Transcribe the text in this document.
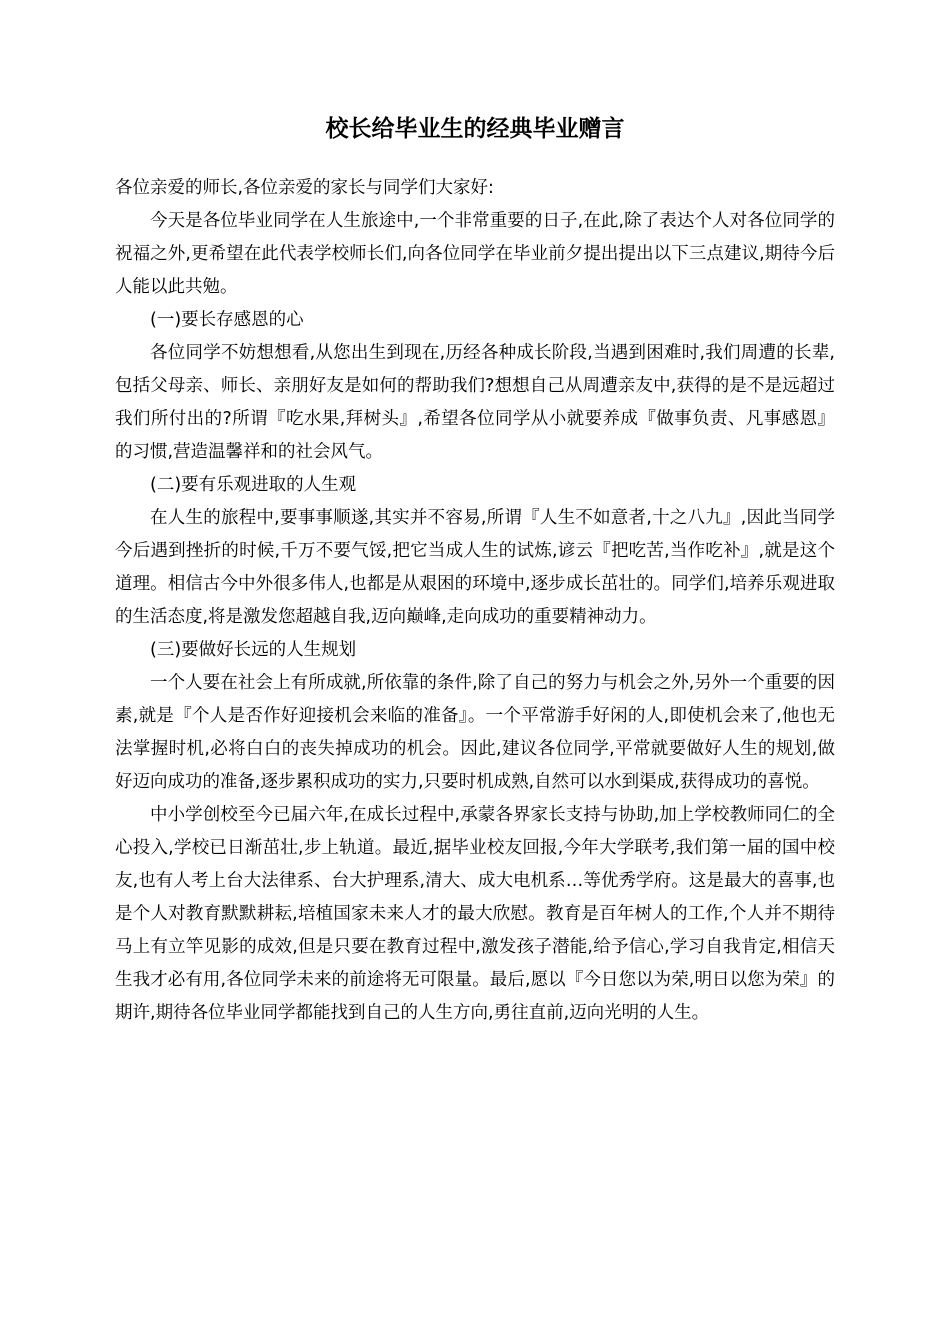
校长给毕业生的经典毕业赠言

各位亲爱的师长,各位亲爱的家长与同学们大家好:

今天是各位毕业同学在人生旅途中,一个非常重要的日子,在此,除了表达个人对各位同学的祝福之外,更希望在此代表学校师长们,向各位同学在毕业前夕提出提出以下三点建议,期待今后人能以此共勉。

(一)要长存感恩的心

各位同学不妨想想看,从您出生到现在,历经各种成长阶段,当遇到困难时,我们周遭的长辈,包括父母亲、师长、亲朋好友是如何的帮助我们?想想自己从周遭亲友中,获得的是不是远超过我们所付出的?所谓『吃水果,拜树头』,希望各位同学从小就要养成『做事负责、凡事感恩』的习惯,营造温馨祥和的社会风气。

(二)要有乐观进取的人生观

在人生的旅程中,要事事顺遂,其实并不容易,所谓『人生不如意者,十之八九』,因此当同学今后遇到挫折的时候,千万不要气馁,把它当成人生的试炼,谚云『把吃苦,当作吃补』,就是这个道理。相信古今中外很多伟人,也都是从艰困的环境中,逐步成长茁壮的。同学们,培养乐观进取的生活态度,将是激发您超越自我,迈向巅峰,走向成功的重要精神动力。

(三)要做好长远的人生规划

一个人要在社会上有所成就,所依靠的条件,除了自己的努力与机会之外,另外一个重要的因素,就是『个人是否作好迎接机会来临的准备』。一个平常游手好闲的人,即使机会来了,他也无法掌握时机,必将白白的丧失掉成功的机会。因此,建议各位同学,平常就要做好人生的规划,做好迈向成功的准备,逐步累积成功的实力,只要时机成熟,自然可以水到渠成,获得成功的喜悦。

中小学创校至今已届六年,在成长过程中,承蒙各界家长支持与协助,加上学校教师同仁的全心投入,学校已日渐茁壮,步上轨道。最近,据毕业校友回报,今年大学联考,我们第一届的国中校友,也有人考上台大法律系、台大护理系,清大、成大电机系…等优秀学府。这是最大的喜事,也是个人对教育默默耕耘,培植国家未来人才的最大欣慰。教育是百年树人的工作,个人并不期待马上有立竿见影的成效,但是只要在教育过程中,激发孩子潜能,给予信心,学习自我肯定,相信天生我才必有用,各位同学未来的前途将无可限量。最后,愿以『今日您以为荣,明日以您为荣』的期许,期待各位毕业同学都能找到自己的人生方向,勇往直前,迈向光明的人生。
